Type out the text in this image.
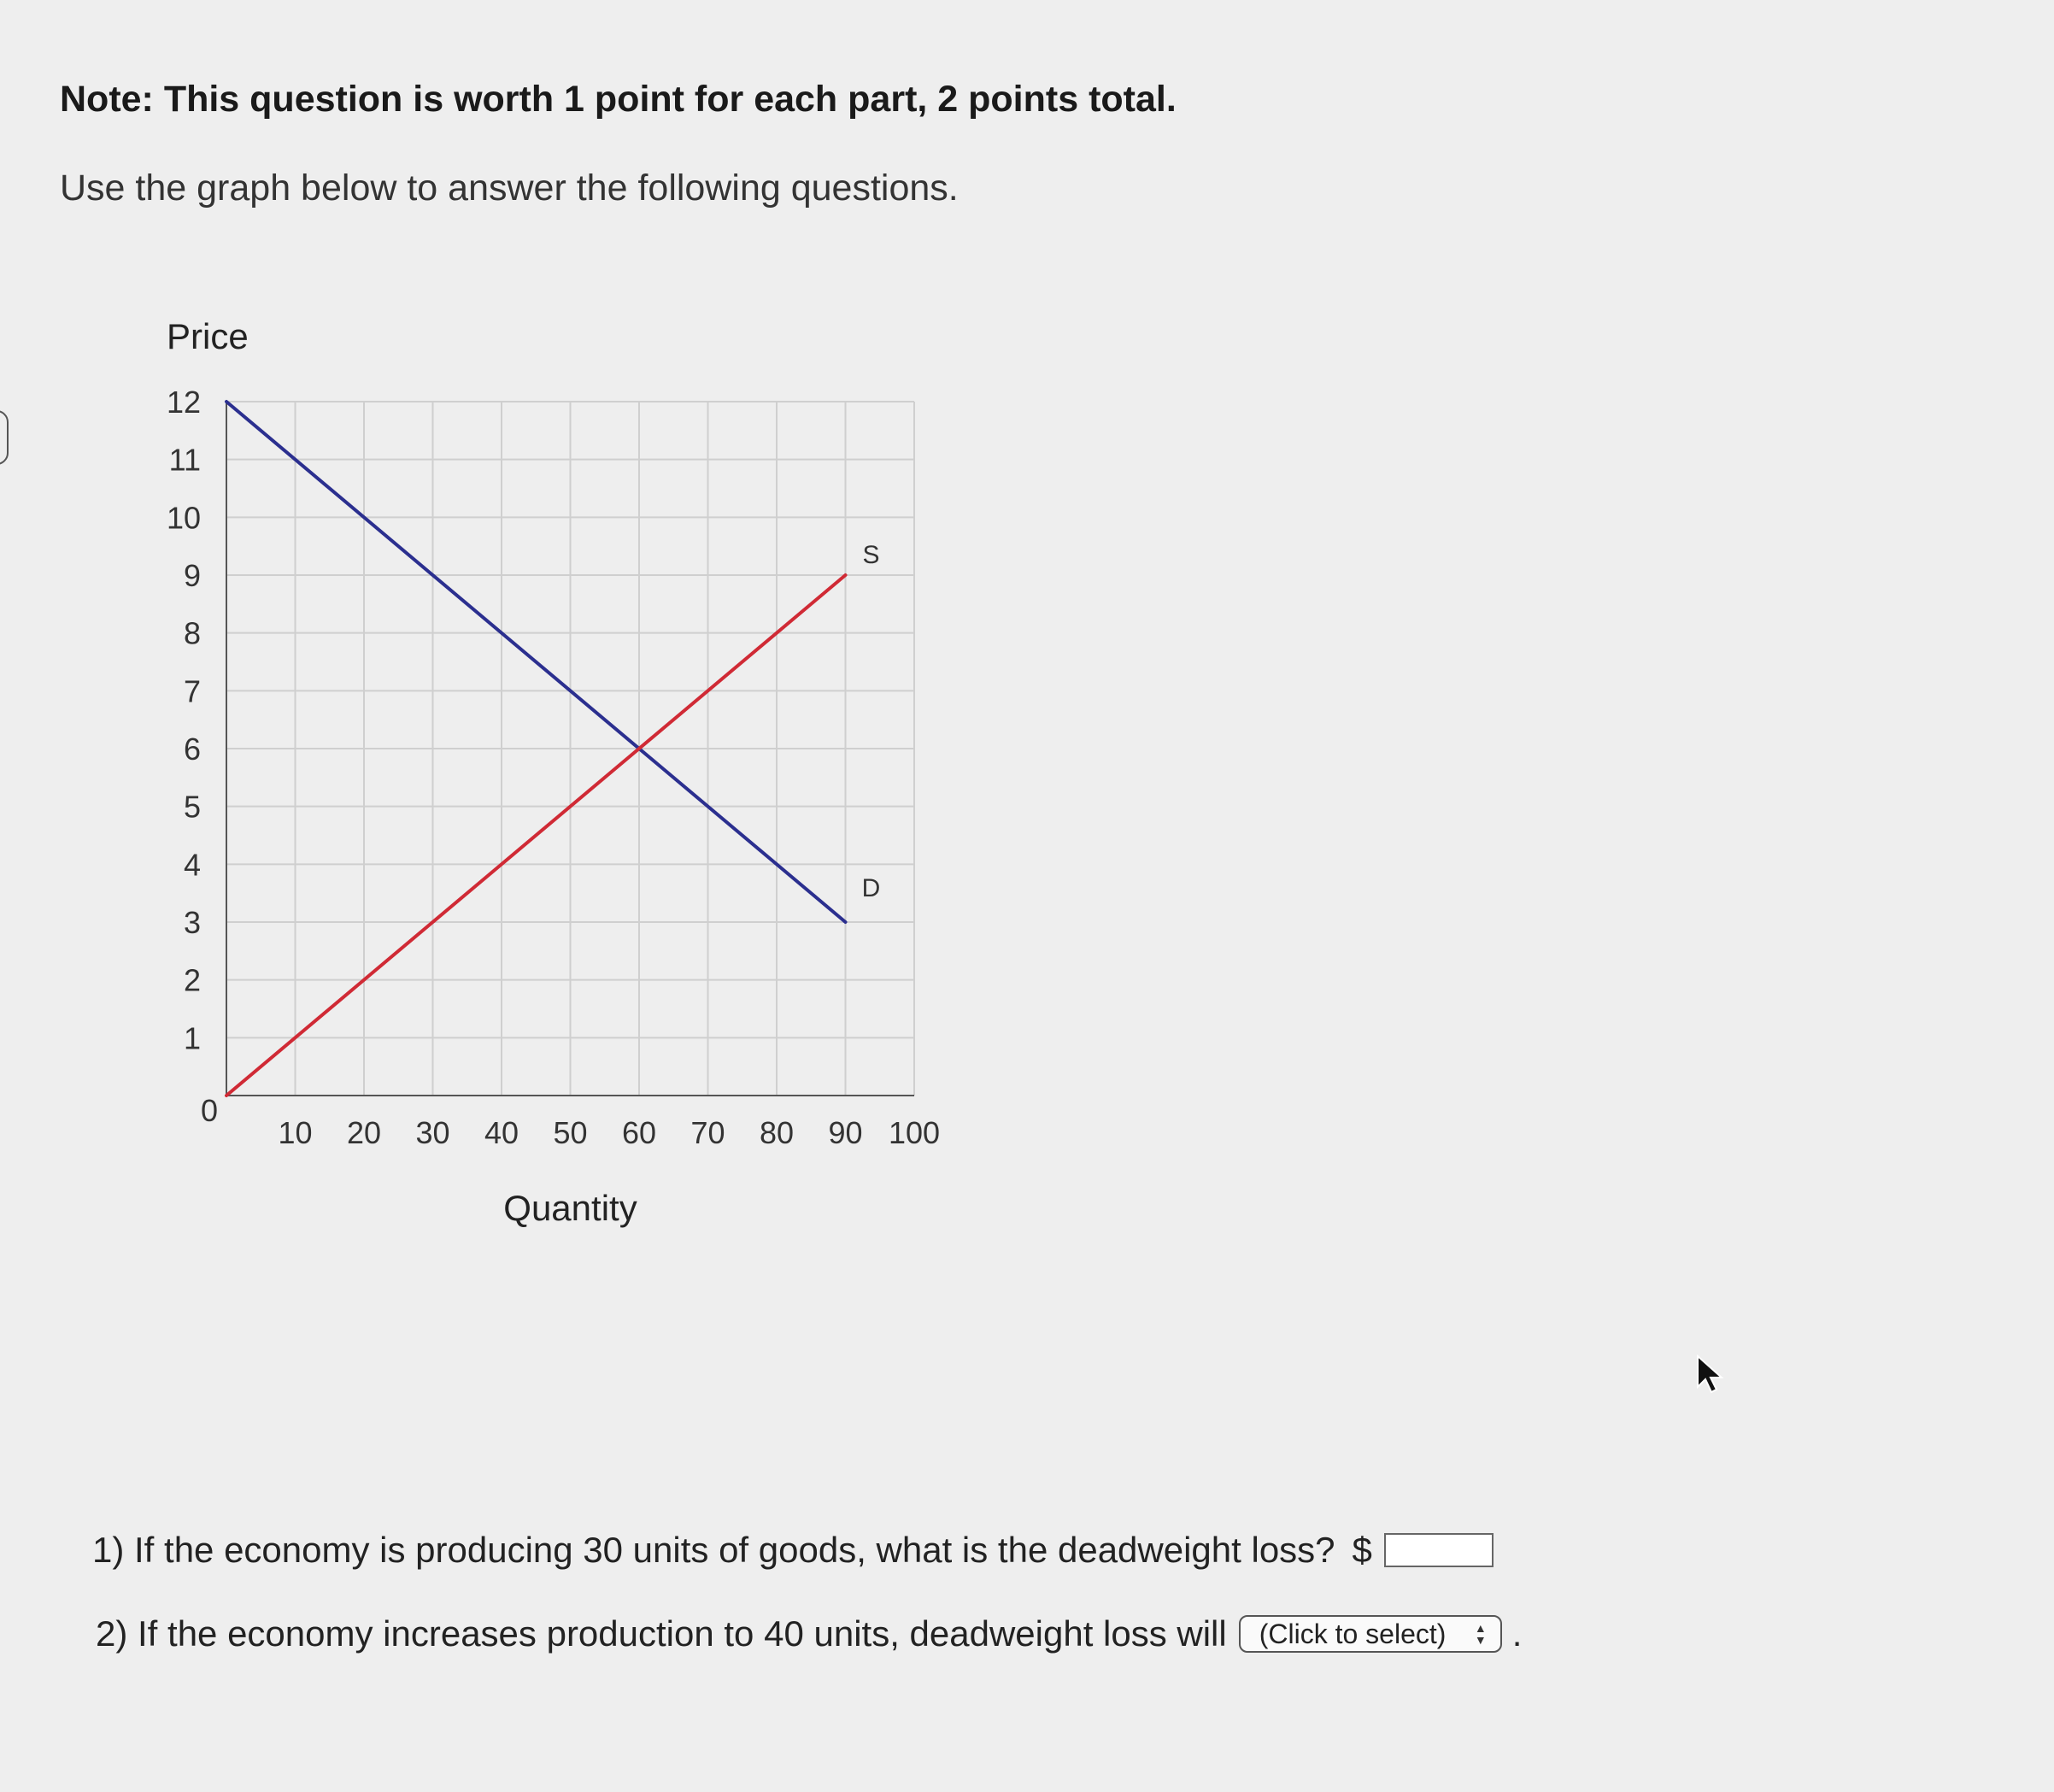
Note: This question is worth 1 point for each part, 2 points total.
Use the graph below to answer the following questions.
12
11
10
9
8
7
6
5
4
3
2
1
10 20 30 40 50 60 70 80 90 100
0
Price
Quantity
D
S
1) If the economy is producing 30 units of goods, what is the deadweight loss? $
2) If the economy increases production to 40 units, deadweight loss will (Click to select) ▲
▼ .
